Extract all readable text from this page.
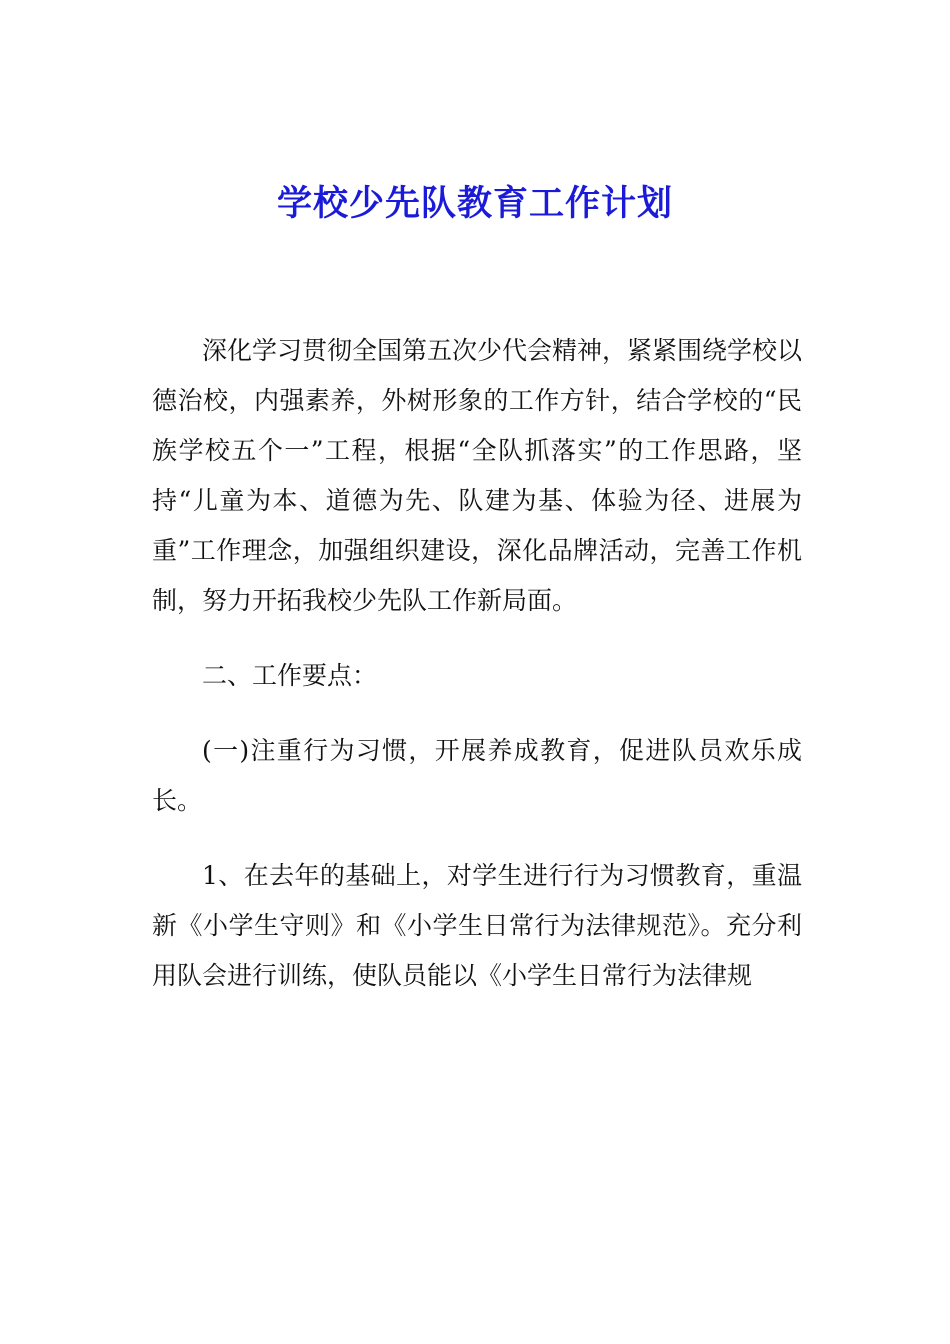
学校少先队教育工作计划

深化学习贯彻全国第五次少代会精神，紧紧围绕学校以德治校，内强素养，外树形象的工作方针，结合学校的“民族学校五个一”工程，根据“全队抓落实”的工作思路，坚持“儿童为本、道德为先、队建为基、体验为径、进展为重”工作理念，加强组织建设，深化品牌活动，完善工作机制，努力开拓我校少先队工作新局面。

二、工作要点：

(一)注重行为习惯，开展养成教育，促进队员欢乐成长。

1、在去年的基础上，对学生进行行为习惯教育，重温新《小学生守则》和《小学生日常行为法律规范》。充分利用队会进行训练，使队员能以《小学生日常行为法律规
